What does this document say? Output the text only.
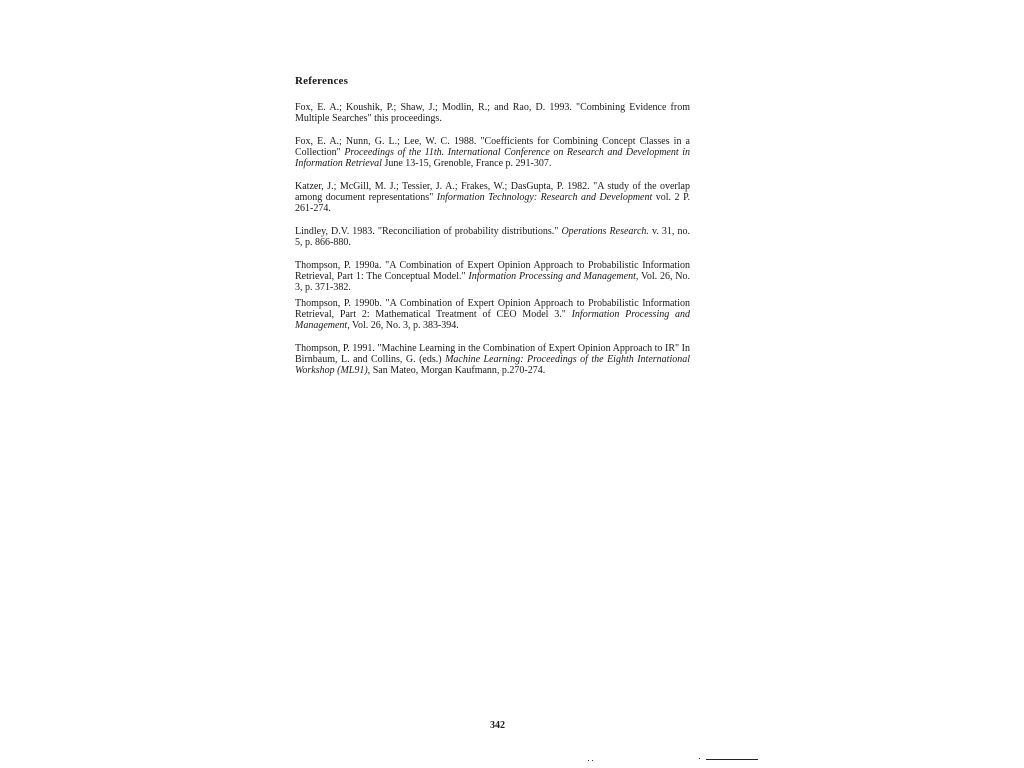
References

Fox, E. A.; Koushik, P.; Shaw, J.; Modlin, R.; and Rao, D. 1993. "Combining Evidence from Multiple Searches" this proceedings.

Fox, E. A.; Nunn, G. L.; Lee, W. C. 1988. "Coefficients for Combining Concept Classes in a Collection" Proceedings of the 11th. International Conference on Research and Development in Information Retrieval June 13-15, Grenoble, France p. 291-307.

Katzer, J.; McGill, M. J.; Tessier, J. A.; Frakes, W.; DasGupta, P. 1982. "A study of the overlap among document representations" Information Technology: Research and Development vol. 2 P. 261-274.

Lindley, D.V. 1983. "Reconciliation of probability distributions." Operations Research. v. 31, no. 5, p. 866-880.

Thompson, P. 1990a. "A Combination of Expert Opinion Approach to Probabilistic Information Retrieval, Part 1: The Conceptual Model." Information Processing and Management, Vol. 26, No. 3, p. 371-382.

Thompson, P. 1990b. "A Combination of Expert Opinion Approach to Probabilistic Information Retrieval, Part 2: Mathematical Treatment of CEO Model 3." Information Processing and Management, Vol. 26, No. 3, p. 383-394.

Thompson, P. 1991. "Machine Learning in the Combination of Expert Opinion Approach to IR" In Birnbaum, L. and Collins, G. (eds.) Machine Learning: Proceedings of the Eighth International Workshop (ML91), San Mateo, Morgan Kaufmann, p.270-274.

342
